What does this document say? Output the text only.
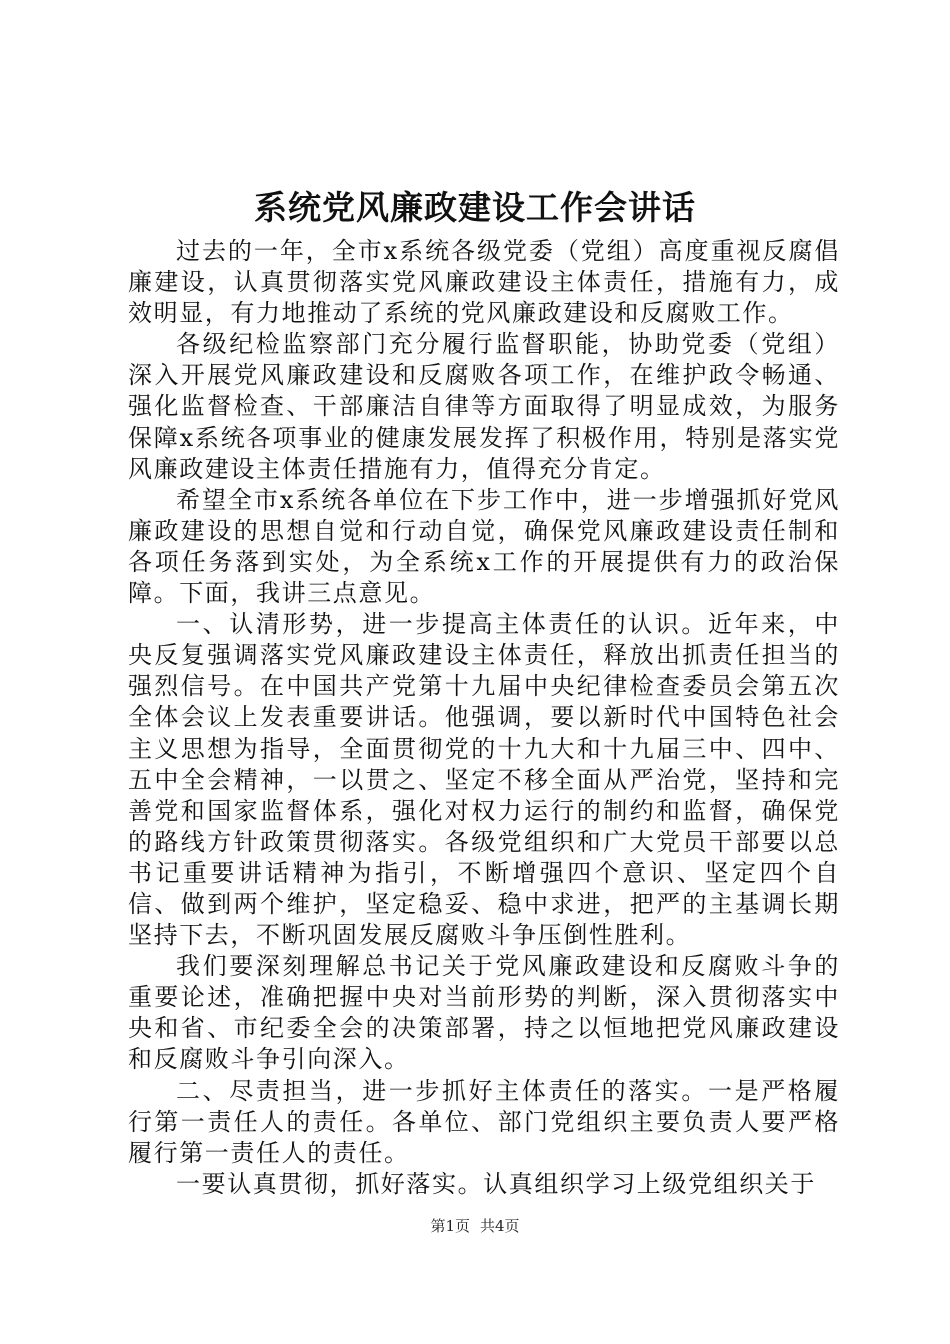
系统党风廉政建设工作会讲话

过去的一年，全市x系统各级党委（党组）高度重视反腐倡廉建设，认真贯彻落实党风廉政建设主体责任，措施有力，成效明显，有力地推动了系统的党风廉政建设和反腐败工作。

各级纪检监察部门充分履行监督职能，协助党委（党组）深入开展党风廉政建设和反腐败各项工作，在维护政令畅通、强化监督检查、干部廉洁自律等方面取得了明显成效，为服务保障x系统各项事业的健康发展发挥了积极作用，特别是落实党风廉政建设主体责任措施有力，值得充分肯定。

希望全市x系统各单位在下步工作中，进一步增强抓好党风廉政建设的思想自觉和行动自觉，确保党风廉政建设责任制和各项任务落到实处，为全系统x工作的开展提供有力的政治保障。下面，我讲三点意见。

一、认清形势，进一步提高主体责任的认识。近年来，中央反复强调落实党风廉政建设主体责任，释放出抓责任担当的强烈信号。在中国共产党第十九届中央纪律检查委员会第五次全体会议上发表重要讲话。他强调，要以新时代中国特色社会主义思想为指导，全面贯彻党的十九大和十九届三中、四中、五中全会精神，一以贯之、坚定不移全面从严治党，坚持和完善党和国家监督体系，强化对权力运行的制约和监督，确保党的路线方针政策贯彻落实。各级党组织和广大党员干部要以总书记重要讲话精神为指引，不断增强四个意识、坚定四个自信、做到两个维护，坚定稳妥、稳中求进，把严的主基调长期坚持下去，不断巩固发展反腐败斗争压倒性胜利。

我们要深刻理解总书记关于党风廉政建设和反腐败斗争的重要论述，准确把握中央对当前形势的判断，深入贯彻落实中央和省、市纪委全会的决策部署，持之以恒地把党风廉政建设和反腐败斗争引向深入。

二、尽责担当，进一步抓好主体责任的落实。一是严格履行第一责任人的责任。各单位、部门党组织主要负责人要严格履行第一责任人的责任。

一要认真贯彻，抓好落实。认真组织学习上级党组织关于

第1页 共4页
